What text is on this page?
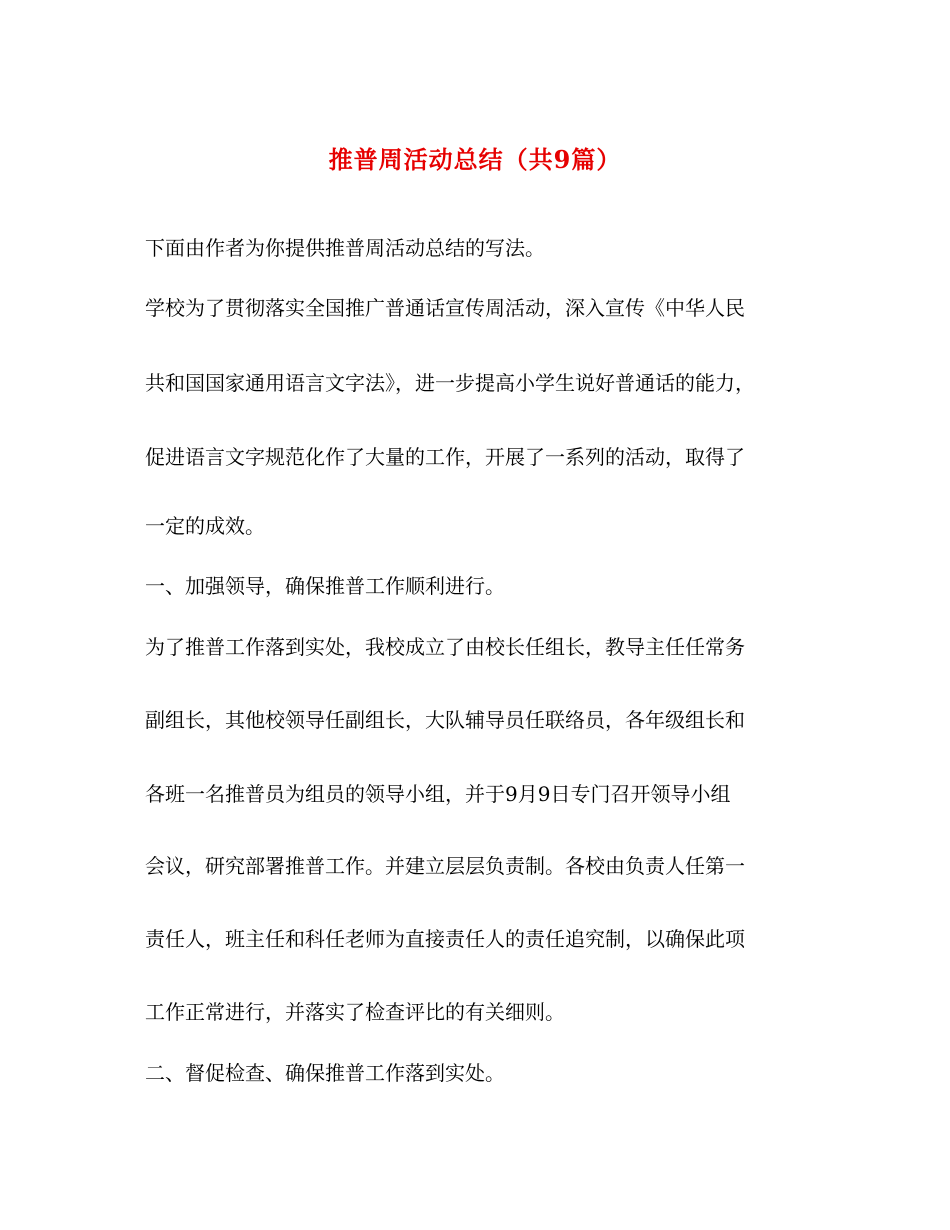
推普周活动总结（共9篇）

下面由作者为你提供推普周活动总结的写法。

学校为了贯彻落实全国推广普通话宣传周活动，深入宣传《中华人民

共和国国家通用语言文字法》，进一步提高小学生说好普通话的能力，

促进语言文字规范化作了大量的工作，开展了一系列的活动，取得了

一定的成效。

一、加强领导，确保推普工作顺利进行。

为了推普工作落到实处，我校成立了由校长任组长，教导主任任常务

副组长，其他校领导任副组长，大队辅导员任联络员，各年级组长和

各班一名推普员为组员的领导小组，并于9月9日专门召开领导小组

会议，研究部署推普工作。并建立层层负责制。各校由负责人任第一

责任人，班主任和科任老师为直接责任人的责任追究制，以确保此项

工作正常进行，并落实了检查评比的有关细则。

二、督促检查、确保推普工作落到实处。
